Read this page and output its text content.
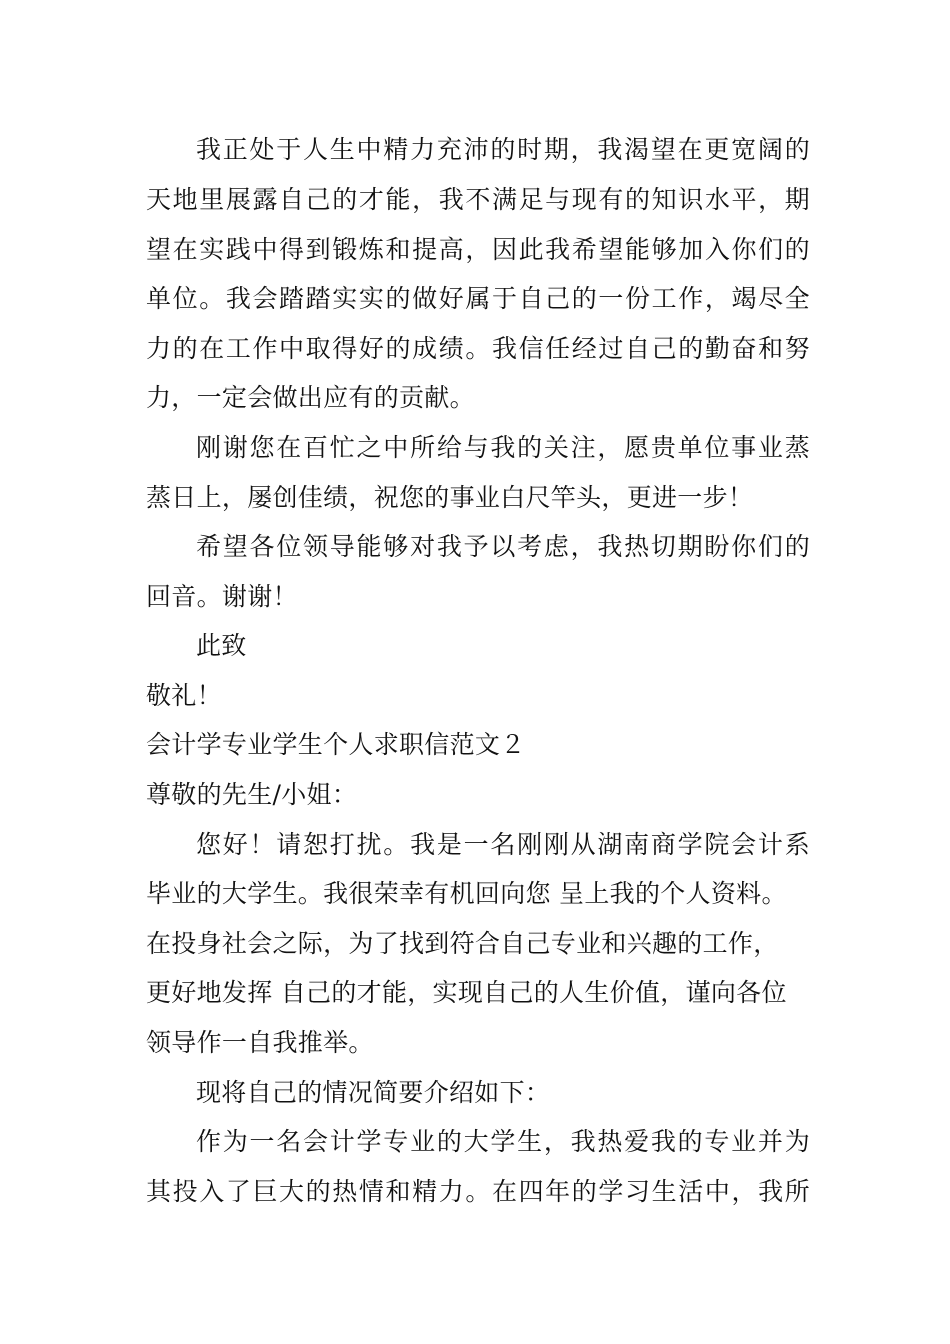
我正处于人生中精力充沛的时期，我渴望在更宽阔的
天地里展露自己的才能，我不满足与现有的知识水平，期
望在实践中得到锻炼和提高，因此我希望能够加入你们的
单位。我会踏踏实实的做好属于自己的一份工作，竭尽全
力的在工作中取得好的成绩。我信任经过自己的勤奋和努
力，一定会做出应有的贡献。
刚谢您在百忙之中所给与我的关注，愿贵单位事业蒸
蒸日上，屡创佳绩，祝您的事业白尺竿头，更进一步！
希望各位领导能够对我予以考虑，我热切期盼你们的
回音。谢谢！
此致
敬礼！
会计学专业学生个人求职信范文２
尊敬的先生/小姐：
您好！请恕打扰。我是一名刚刚从湖南商学院会计系
毕业的大学生。我很荣幸有机回向您 呈上我的个人资料。
在投身社会之际，为了找到符合自己专业和兴趣的工作，
更好地发挥 自己的才能，实现自己的人生价值，谨向各位
领导作一自我推举。
现将自己的情况简要介绍如下：
作为一名会计学专业的大学生，我热爱我的专业并为
其投入了巨大的热情和精力。在四年的学习生活中，我所
